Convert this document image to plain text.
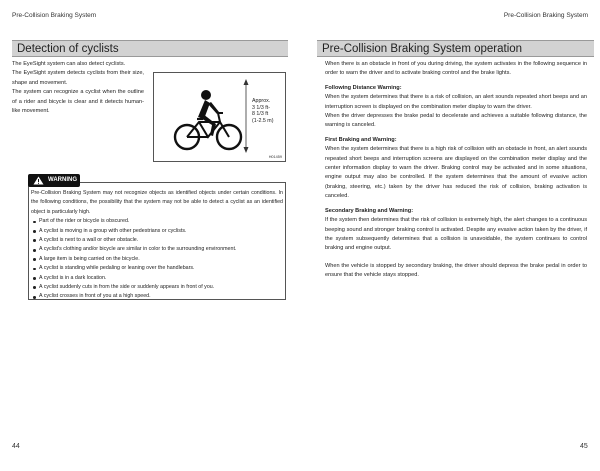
Pre-Collision Braking System
Detection of cyclists
The EyeSight system can also detect cyclists.
The EyeSight system detects cyclists from their size, shape and movement.
The system can recognize a cyclist when the outline of a rider and bicycle is clear and it detects human-like movement.
Approx.
3 1/3 ft-
8 1/3 ft
(1-2.5 m)
H01459
WARNING
Pre-Collision Braking System may not recognize objects as identified objects under certain conditions. In the following conditions, the possibility that the system may not be able to detect a cyclist as an identified object is particularly high.
Part of the rider or bicycle is obscured.
A cyclist is moving in a group with other pedestrians or cyclists.
A cyclist is next to a wall or other obstacle.
A cyclist's clothing and/or bicycle are similar in color to the surrounding environment.
A large item is being carried on the bicycle.
A cyclist is standing while pedaling or leaning over the handlebars.
A cyclist is in a dark location.
A cyclist suddenly cuts in from the side or suddenly appears in front of you.
A cyclist crosses in front of you at a high speed.
44
Pre-Collision Braking System
Pre-Collision Braking System operation

When there is an obstacle in front of you during driving, the system activates in the following sequence in order to warn the driver and to activate braking control and the brake lights.

Following Distance Warning:

When the system determines that there is a risk of collision, an alert sounds repeated short beeps and an interruption screen is displayed on the combination meter display to warn the driver.

When the driver depresses the brake pedal to decelerate and achieves a suitable following distance, the warning is canceled.

First Braking and Warning:

When the system determines that there is a high risk of collision with an obstacle in front, an alert sounds repeated short beeps and interruption screens are displayed on the combination meter display and the center information display to warn the driver. Braking control may be activated and in some situations, engine output may also be controlled. If the system determines that the amount of evasive action (braking, steering, etc.) taken by the driver has reduced the risk of collision, braking activation is canceled.

Secondary Braking and Warning:

If the system then determines that the risk of collision is extremely high, the alert changes to a continuous beeping sound and stronger braking control is activated. Despite any evasive action taken by the driver, if the system subsequently determines that a collision is unavoidable, the system continues to control braking and engine output.

When the vehicle is stopped by secondary braking, the driver should depress the brake pedal in order to ensure that the vehicle stays stopped.

45
